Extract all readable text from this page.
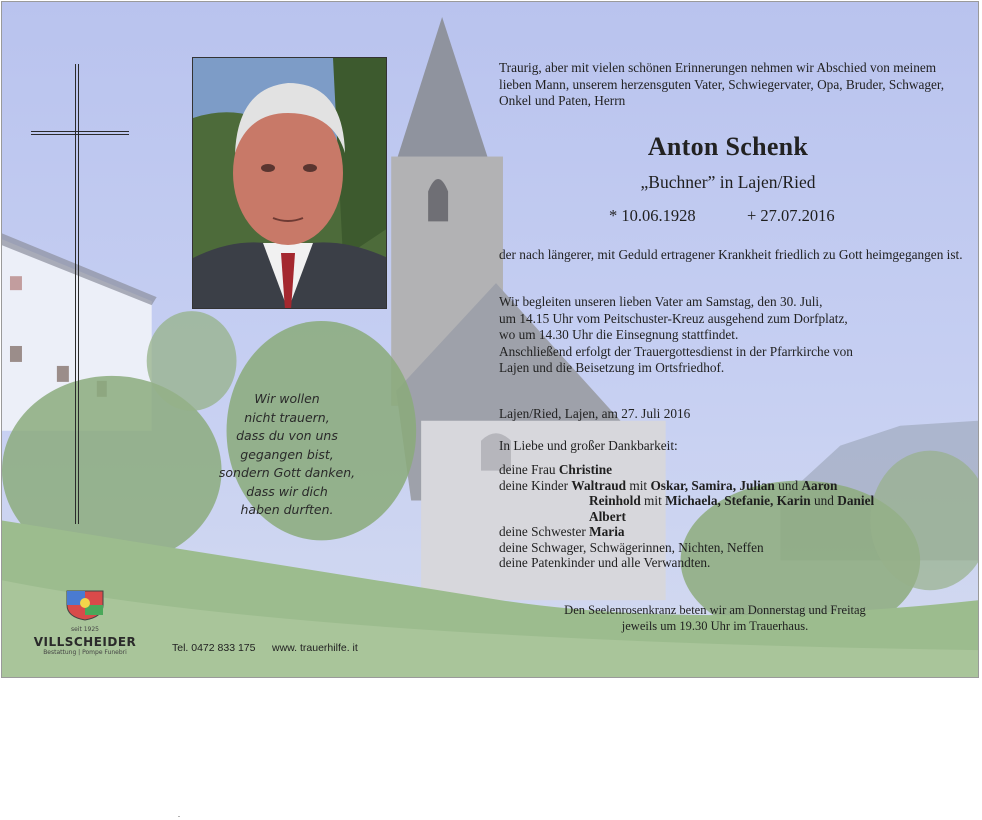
Wir wollen
nicht trauern,
dass du von uns
gegangen bist,
sondern Gott danken,
dass wir dich
haben durften.
Traurig, aber mit vielen schönen Erinnerungen nehmen wir Abschied von meinem lieben Mann, unserem herzensguten Vater, Schwiegervater, Opa, Bruder, Schwager, Onkel und Paten, Herrn
Anton Schenk
„Buchner” in Lajen/Ried
* 10.06.1928	+ 27.07.2016
der nach längerer, mit Geduld ertragener Krankheit friedlich zu Gott heimgegangen ist.
Wir begleiten unseren lieben Vater am Samstag, den 30. Juli,
um 14.15 Uhr vom Peitschuster-Kreuz ausgehend zum Dorfplatz,
wo um 14.30 Uhr die Einsegnung stattfindet.
Anschließend erfolgt der Trauergottesdienst in der Pfarrkirche von
Lajen und die Beisetzung im Ortsfriedhof.
Lajen/Ried, Lajen, am 27. Juli 2016
In Liebe und großer Dankbarkeit:
deine Frau Christine
deine Kinder Waltraud mit Oskar, Samira, Julian und Aaron
Reinhold mit Michaela, Stefanie, Karin und Daniel
Albert
deine Schwester Maria
deine Schwager, Schwägerinnen, Nichten, Neffen
deine Patenkinder und alle Verwandten.
Den Seelenrosenkranz beten wir am Donnerstag und Freitag
jeweils um 19.30 Uhr im Trauerhaus.
seit 1925
VILLSCHEIDER
Bestattung | Pompe Funebri	Tel. 0472 833 175 www. trauerhilfe. it
.
